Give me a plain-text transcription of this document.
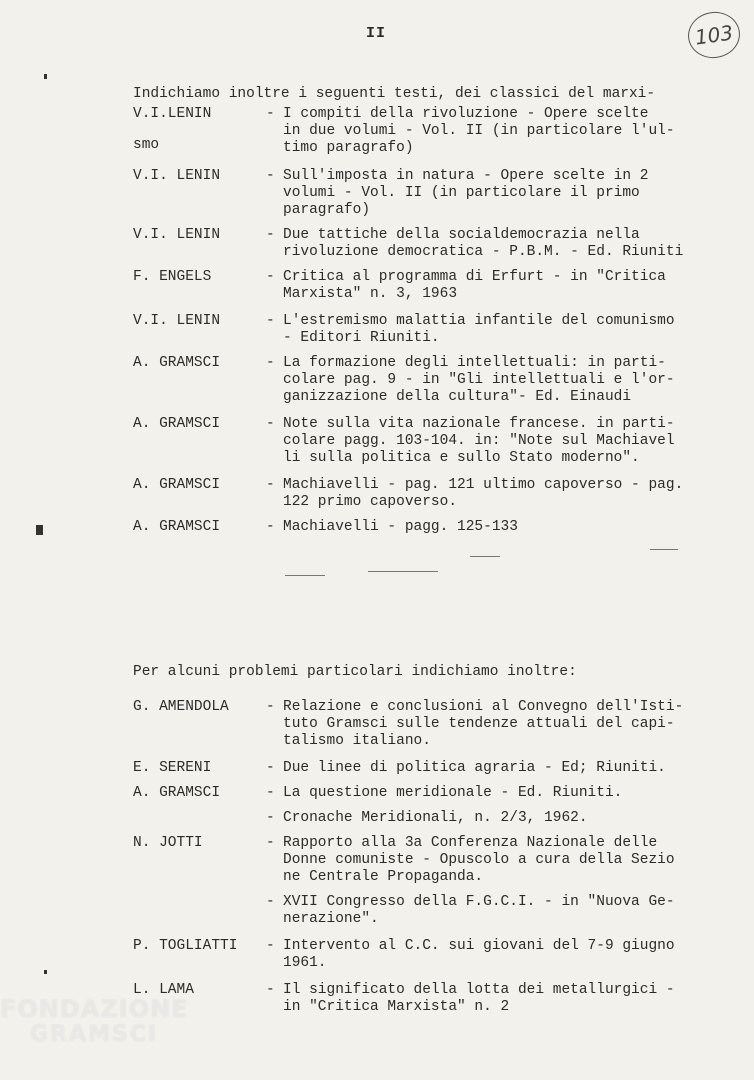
II	103

Indichiamo inoltre i seguenti testi, dei classici del marxi-

smo

V.I.LENIN	- I compiti della rivoluzione - Opere scelte
in due volumi - Vol. II (in particolare l'ul-
timo paragrafo)
V.I. LENIN	- Sull'imposta in natura - Opere scelte in 2
volumi - Vol. II (in particolare il primo
paragrafo)
V.I. LENIN	- Due tattiche della socialdemocrazia nella
rivoluzione democratica - P.B.M. - Ed. Riuniti
F. ENGELS	- Critica al programma di Erfurt - in "Critica
Marxista" n. 3, 1963
V.I. LENIN	- L'estremismo malattia infantile del comunismo
- Editori Riuniti.
A. GRAMSCI	- La formazione degli intellettuali: in parti-
colare pag. 9 - in "Gli intellettuali e l'or-
ganizzazione della cultura"- Ed. Einaudi
A. GRAMSCI	- Note sulla vita nazionale francese. in parti-
colare pagg. 103-104. in: "Note sul Machiavel
li sulla politica e sullo Stato moderno".
A. GRAMSCI	- Machiavelli - pag. 121 ultimo capoverso - pag.
122 primo capoverso.
A. GRAMSCI	- Machiavelli - pagg. 125-133
Per alcuni problemi particolari indichiamo inoltre:
G. AMENDOLA	- Relazione e conclusioni al Convegno dell'Isti-
tuto Gramsci sulle tendenze attuali del capi-
talismo italiano.
E. SERENI	- Due linee di politica agraria - Ed; Riuniti.
A. GRAMSCI	- La questione meridionale - Ed. Riuniti.
- Cronache Meridionali, n. 2/3, 1962.
N. JOTTI	- Rapporto alla 3a Conferenza Nazionale delle
Donne comuniste - Opuscolo a cura della Sezio
ne Centrale Propaganda.
- XVII Congresso della F.G.C.I. - in "Nuova Ge-
nerazione".
P. TOGLIATTI - Intervento al C.C. sui giovani del 7-9 giugno
1961.
L. LAMA	- Il significato della lotta dei metallurgici -
in "Critica Marxista" n. 2
FONDAZIONE
GRAMSCI
